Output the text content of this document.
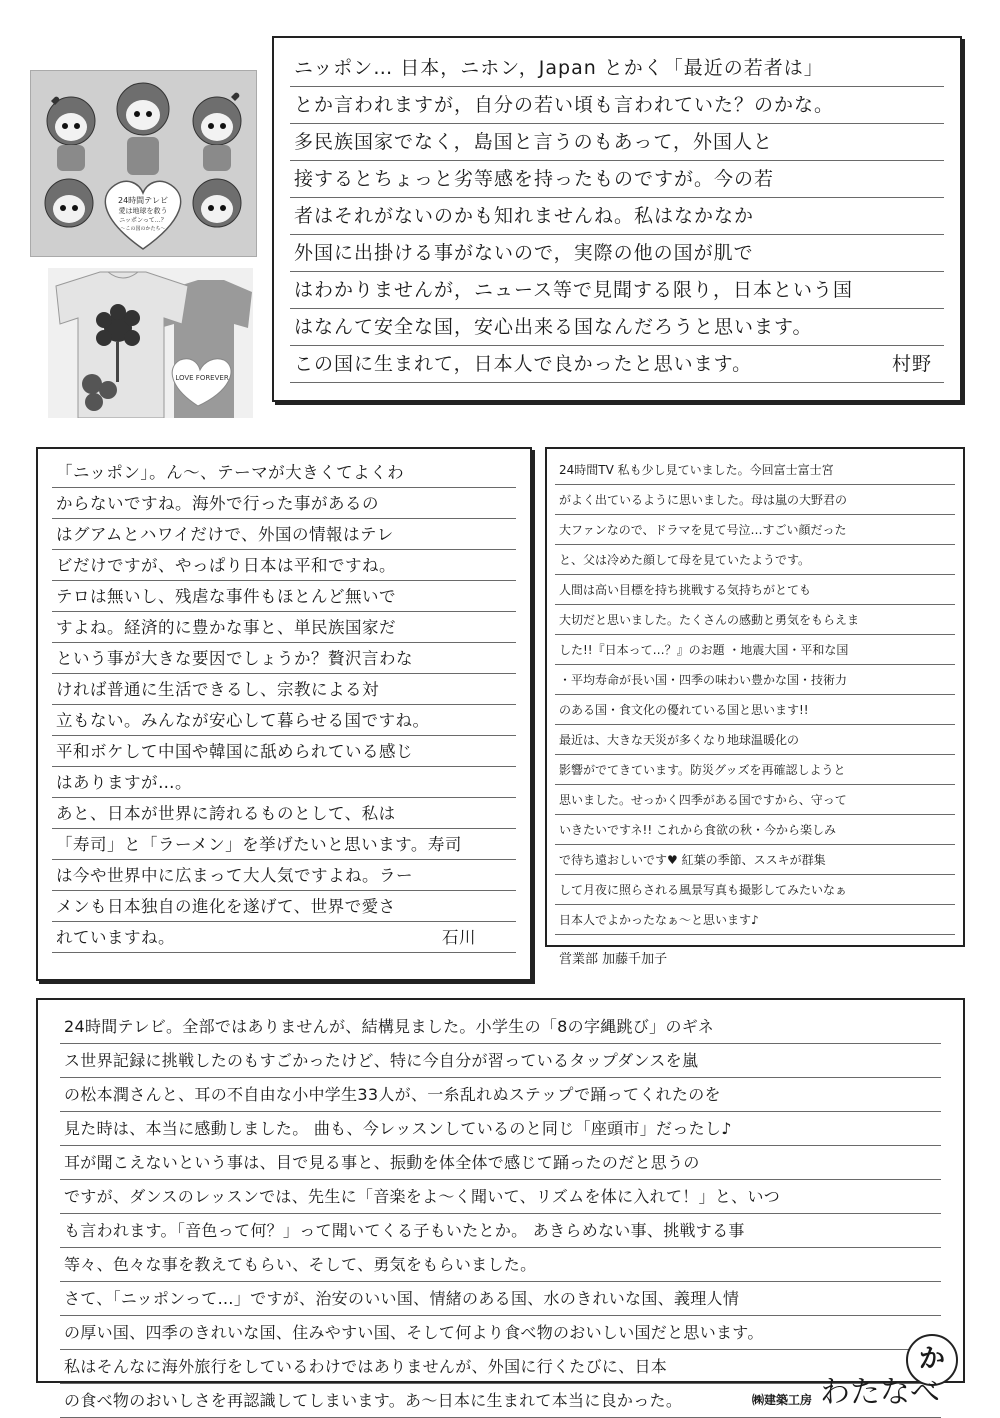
24時間テレビ
愛は地球を救う
ニッポンって…？
〜この国のかたち〜
LOVE FOREVER
ニッポン… 日本，ニホン，Japan とかく「最近の若者は」
とか言われますが，自分の若い頃も言われていた？のかな。
多民族国家でなく，島国と言うのもあって，外国人と
接するとちょっと劣等感を持ったものですが。今の若
者はそれがないのかも知れませんね。私はなかなか
外国に出掛ける事がないので，実際の他の国が肌で
はわかりませんが，ニュース等で見聞する限り，日本という国
はなんて安全な国，安心出来る国なんだろうと思います。
この国に生まれて，日本人で良かったと思います。	村野
「ニッポン」。ん〜、テーマが大きくてよくわ
からないですね。海外で行った事があるの
はグアムとハワイだけで、外国の情報はテレ
ビだけですが、やっぱり日本は平和ですね。
テロは無いし、残虐な事件もほとんど無いで
すよね。経済的に豊かな事と、単民族国家だ
という事が大きな要因でしょうか？贅沢言わな
ければ普通に生活できるし、宗教による対
立もない。みんなが安心して暮らせる国ですね。
平和ボケして中国や韓国に舐められている感じ
はありますが…。
あと、日本が世界に誇れるものとして、私は
「寿司」と「ラーメン」を挙げたいと思います。寿司
は今や世界中に広まって大人気ですよね。ラー
メンも日本独自の進化を遂げて、世界で愛さ
れていますね。	石川
24時間TV 私も少し見ていました。今回富士富士宮
がよく出ているように思いました。母は嵐の大野君の
大ファンなので、ドラマを見て号泣…すごい顔だった
と、父は冷めた顔して母を見ていたようです。
人間は高い目標を持ち挑戦する気持ちがとても
大切だと思いました。たくさんの感動と勇気をもらえま
した!!『日本って…？』のお題 ・地震大国・平和な国
・平均寿命が長い国・四季の味わい豊かな国・技術力
のある国・食文化の優れている国と思います!!
最近は、大きな天災が多くなり地球温暖化の
影響がでてきています。防災グッズを再確認しようと
思いました。せっかく四季がある国ですから、守って
いきたいですネ!! これから食欲の秋・今から楽しみ
で待ち遠おしいです♥ 紅葉の季節、ススキが群集
して月夜に照らされる風景写真も撮影してみたいなぁ
日本人でよかったなぁ〜と思います♪
営業部 加藤千加子
24時間テレビ。全部ではありませんが、結構見ました。小学生の「8の字縄跳び」のギネ
ス世界記録に挑戦したのもすごかったけど、特に今自分が習っているタップダンスを嵐
の松本潤さんと、耳の不自由な小中学生33人が、一糸乱れぬステップで踊ってくれたのを
見た時は、本当に感動しました。 曲も、今レッスンしているのと同じ「座頭市」だったし♪
耳が聞こえないという事は、目で見る事と、振動を体全体で感じて踊ったのだと思うの
ですが、ダンスのレッスンでは、先生に「音楽をよ〜く聞いて、リズムを体に入れて！」と、いつ
も言われます。「音色って何？」って聞いてくる子もいたとか。 あきらめない事、挑戦する事
等々、色々な事を教えてもらい、そして、勇気をもらいました。
さて、「ニッポンって…」ですが、治安のいい国、情緒のある国、水のきれいな国、義理人情
の厚い国、四季のきれいな国、住みやすい国、そして何より食べ物のおいしい国だと思います。
私はそんなに海外旅行をしているわけではありませんが、外国に行くたびに、日本
の食べ物のおいしさを再認識してしまいます。あ〜日本に生まれて本当に良かった。
か
㈱建築工房 わたなべ
